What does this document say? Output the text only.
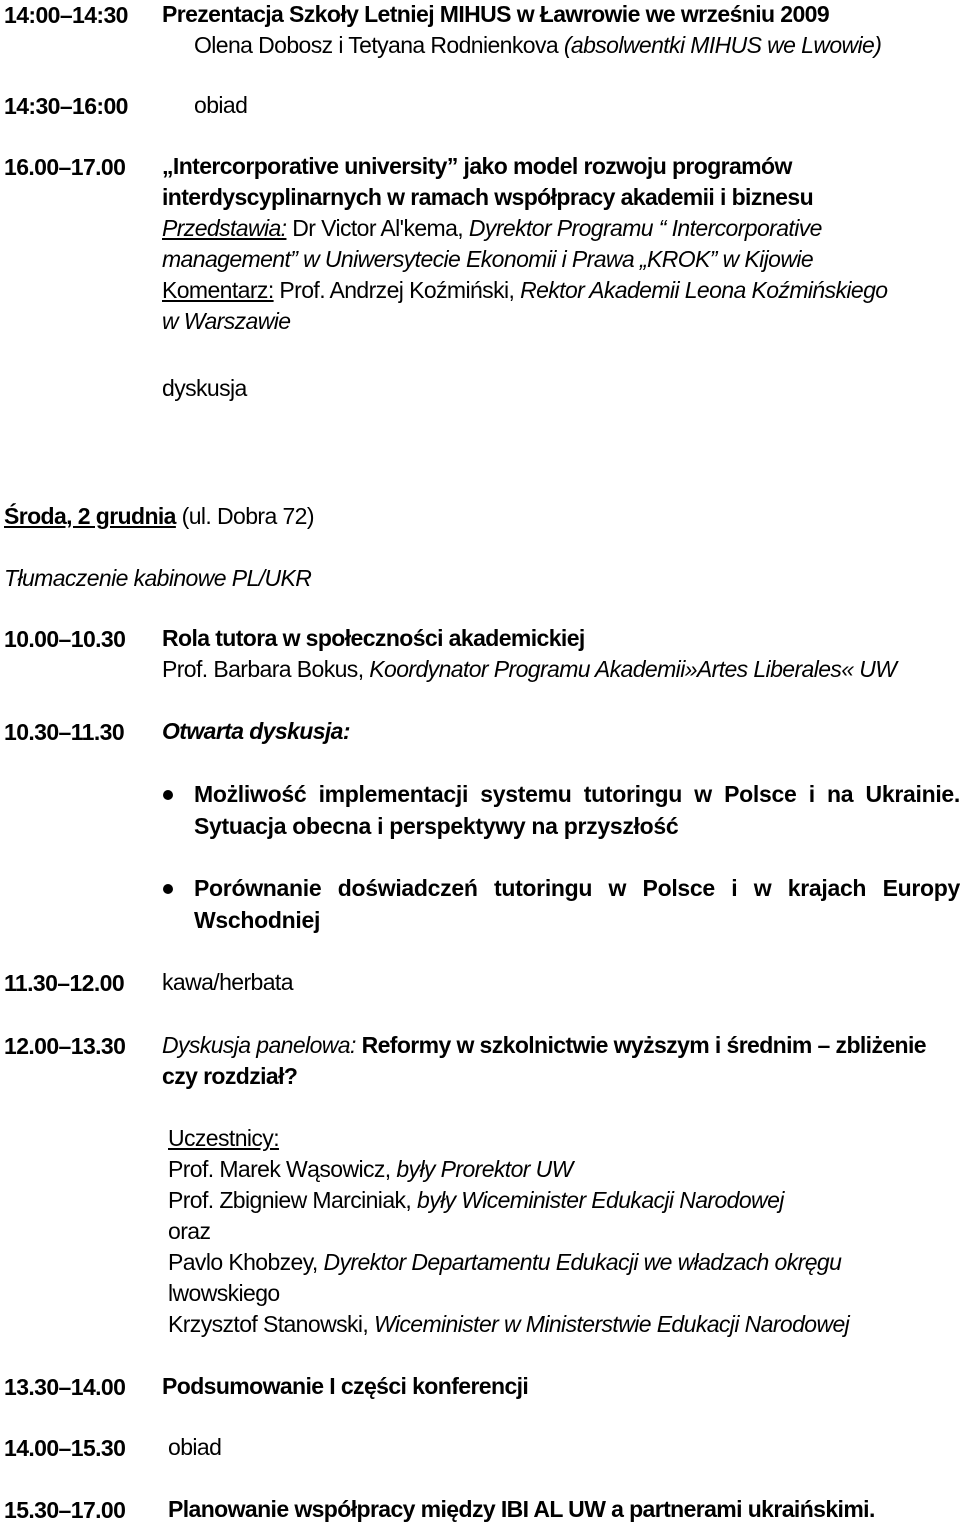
14:00–14:30 Prezentacja Szkoły Letniej MIHUS w Ławrowie we wrześniu 2009
Olena Dobosz i Tetyana Rodnienkova (absolwentki MIHUS we Lwowie)
14:30–16:00	obiad
16.00–17.00 „Intercorporative university” jako model rozwoju programów
interdyscyplinarnych w ramach współpracy akademii i biznesu
Przedstawia: Dr Victor Al'kema, Dyrektor Programu “ Intercorporative
management” w Uniwersytecie Ekonomii i Prawa „KROK” w Kijowie
Komentarz: Prof. Andrzej Koźmiński, Rektor Akademii Leona Koźmińskiego
w Warszawie
dyskusja
Środa, 2 grudnia (ul. Dobra 72)
Tłumaczenie kabinowe PL/UKR
10.00–10.30 Rola tutora w społeczności akademickiej
Prof. Barbara Bokus, Koordynator Programu Akademii»Artes Liberales« UW
10.30–11.30 Otwarta dyskusja:
Możliwość implementacji systemu tutoringu w Polsce i na Ukrainie.
Sytuacja obecna i perspektywy na przyszłość
Porównanie doświadczeń tutoringu w Polsce i w krajach Europy
Wschodniej
11.30–12.00 kawa/herbata
12.00–13.30 Dyskusja panelowa: Reformy w szkolnictwie wyższym i średnim – zbliżenie
czy rozdział?
Uczestnicy:
Prof. Marek Wąsowicz, były Prorektor UW
Prof. Zbigniew Marciniak, były Wiceminister Edukacji Narodowej
oraz
Pavlo Khobzey, Dyrektor Departamentu Edukacji we władzach okręgu
lwowskiego
Krzysztof Stanowski, Wiceminister w Ministerstwie Edukacji Narodowej
13.30–14.00 Podsumowanie I części konferencji
14.00–15.30 obiad
15.30–17.00 Planowanie współpracy między IBI AL UW a partnerami ukraińskimi.
